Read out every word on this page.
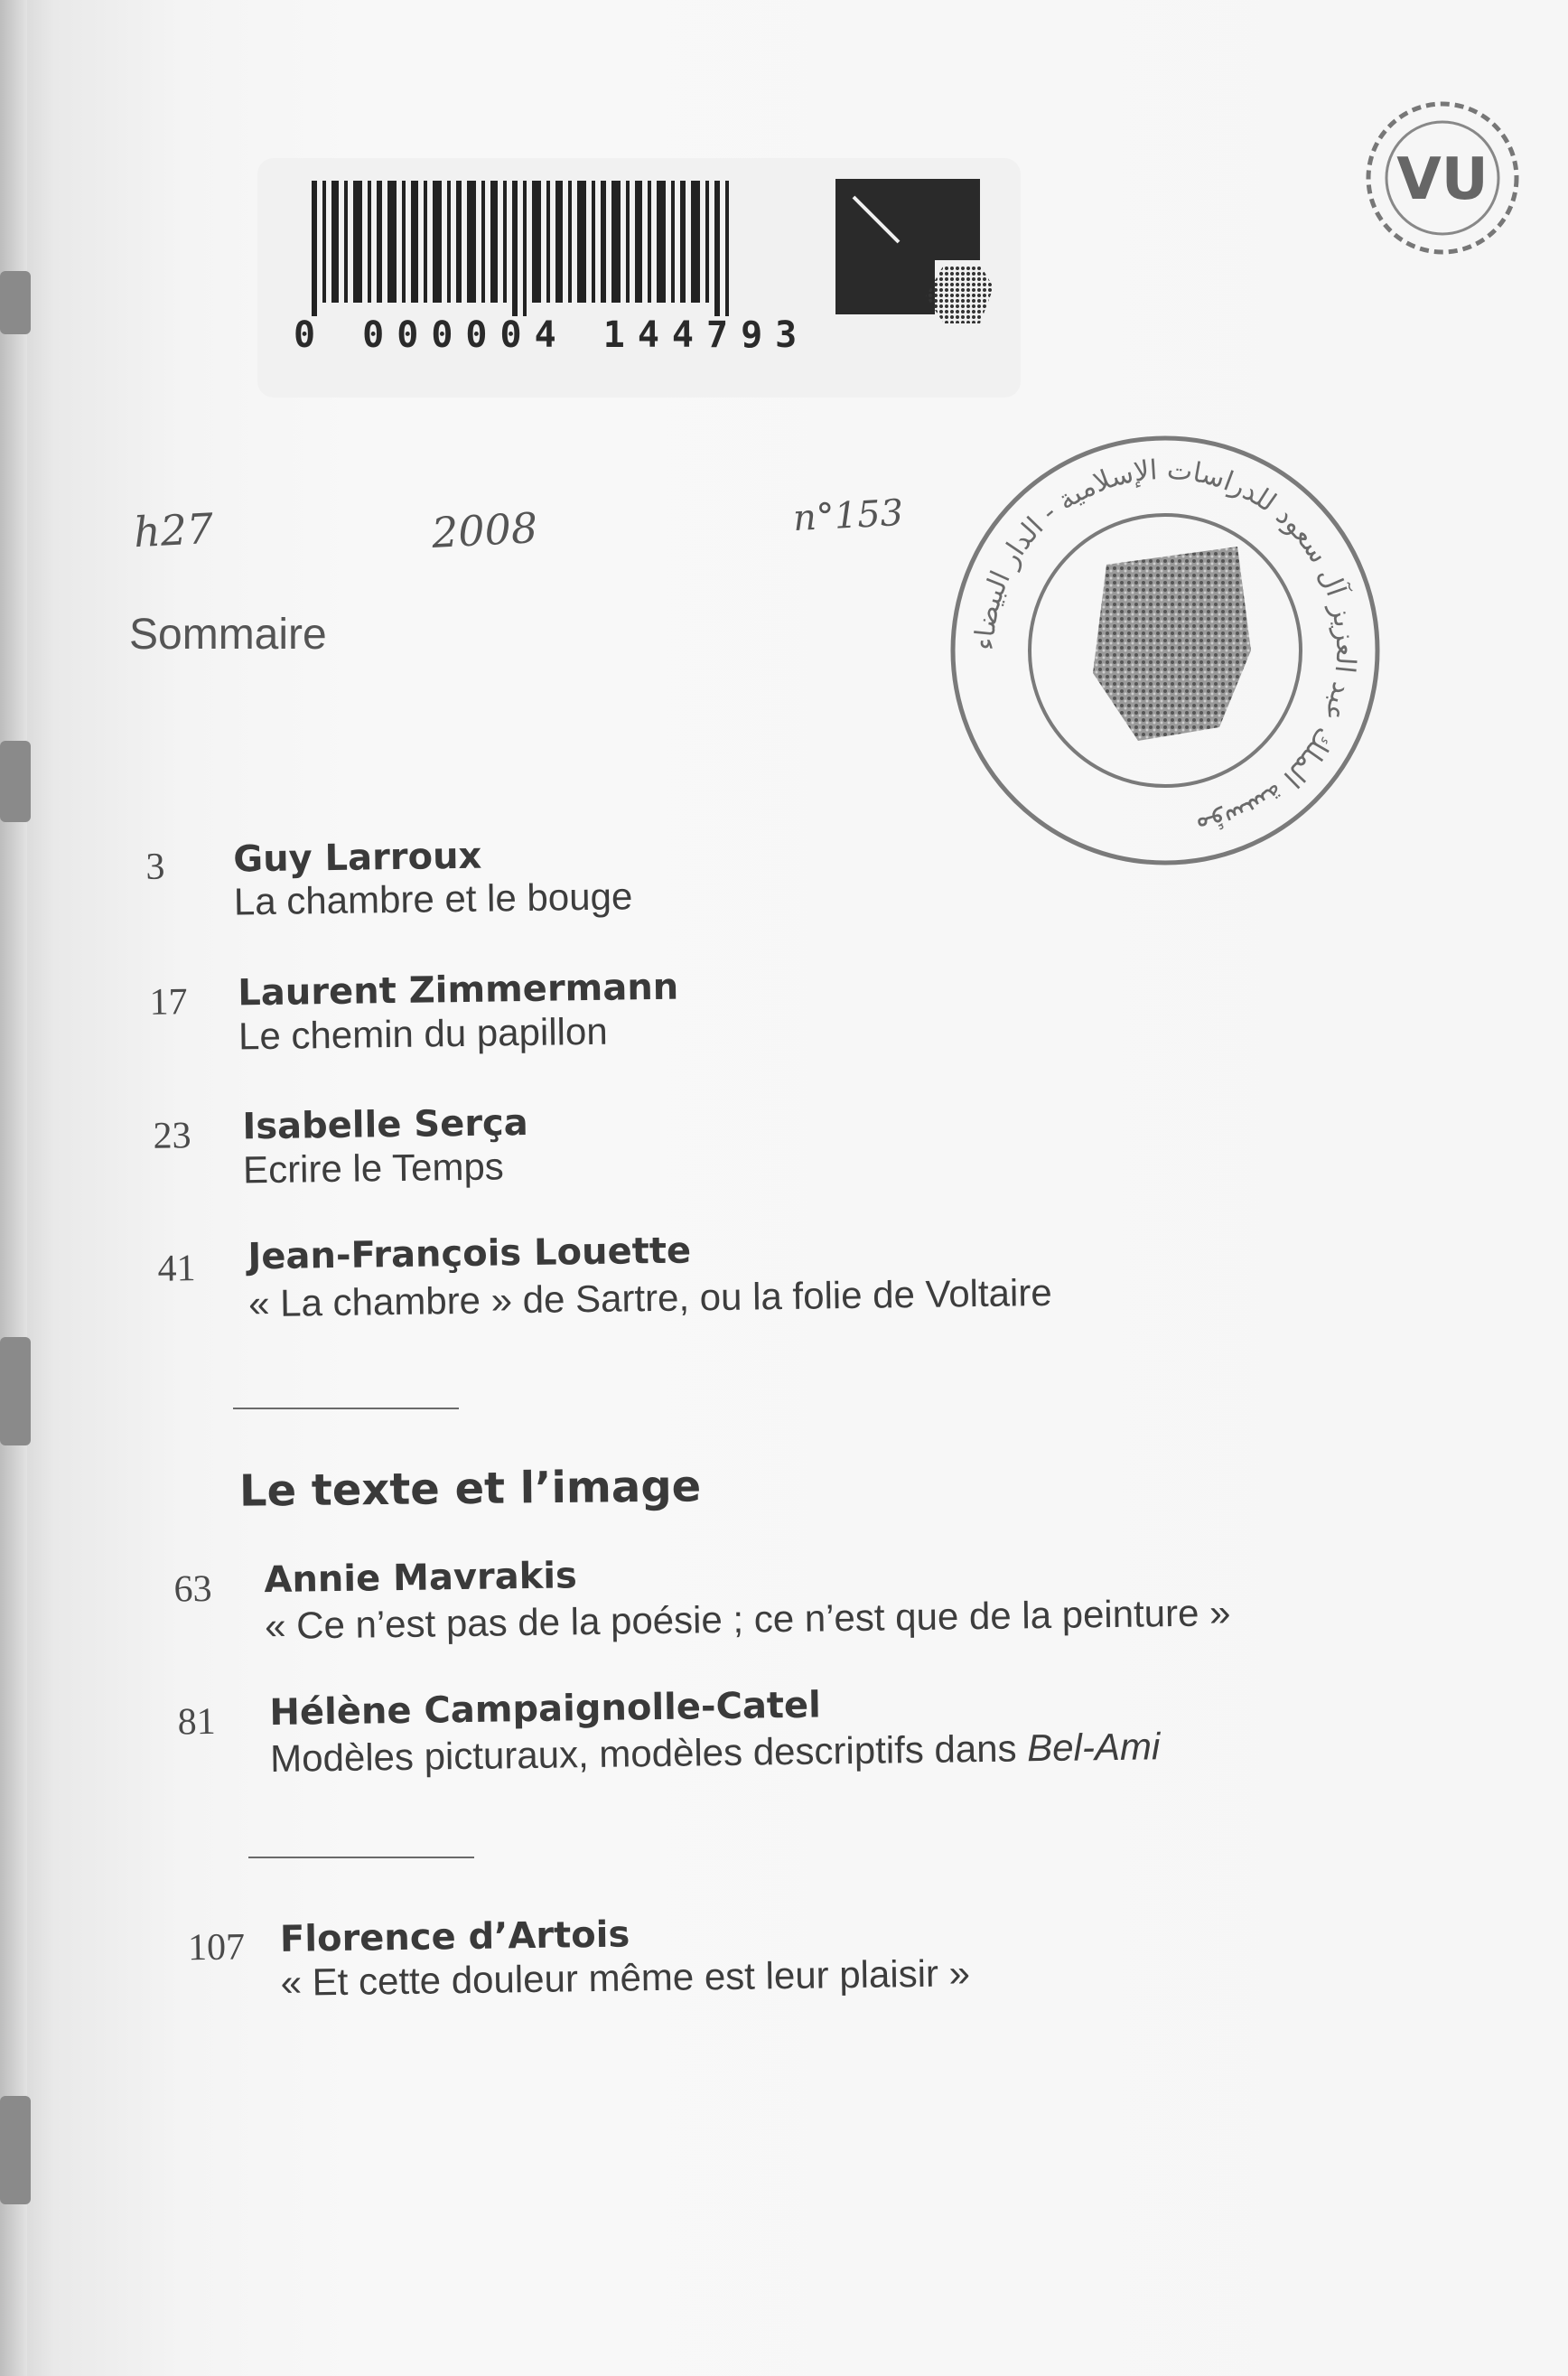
0 000004 144793
VU
مؤسسة الملك عبد العزيز آل سعود للدراسات الإسلامية - الدار البيضاء
h27	2008	n°153
Sommaire
3 Guy Larroux
La chambre et le bouge
17 Laurent Zimmermann
Le chemin du papillon
23 Isabelle Serça
Ecrire le Temps
41 Jean-François Louette
« La chambre » de Sartre, ou la folie de Voltaire
Le texte et l’image
63 Annie Mavrakis
« Ce n’est pas de la poésie ; ce n’est que de la peinture »
81 Hélène Campaignolle-Catel
Modèles picturaux, modèles descriptifs dans Bel-Ami
107 Florence d’Artois
« Et cette douleur même est leur plaisir »
